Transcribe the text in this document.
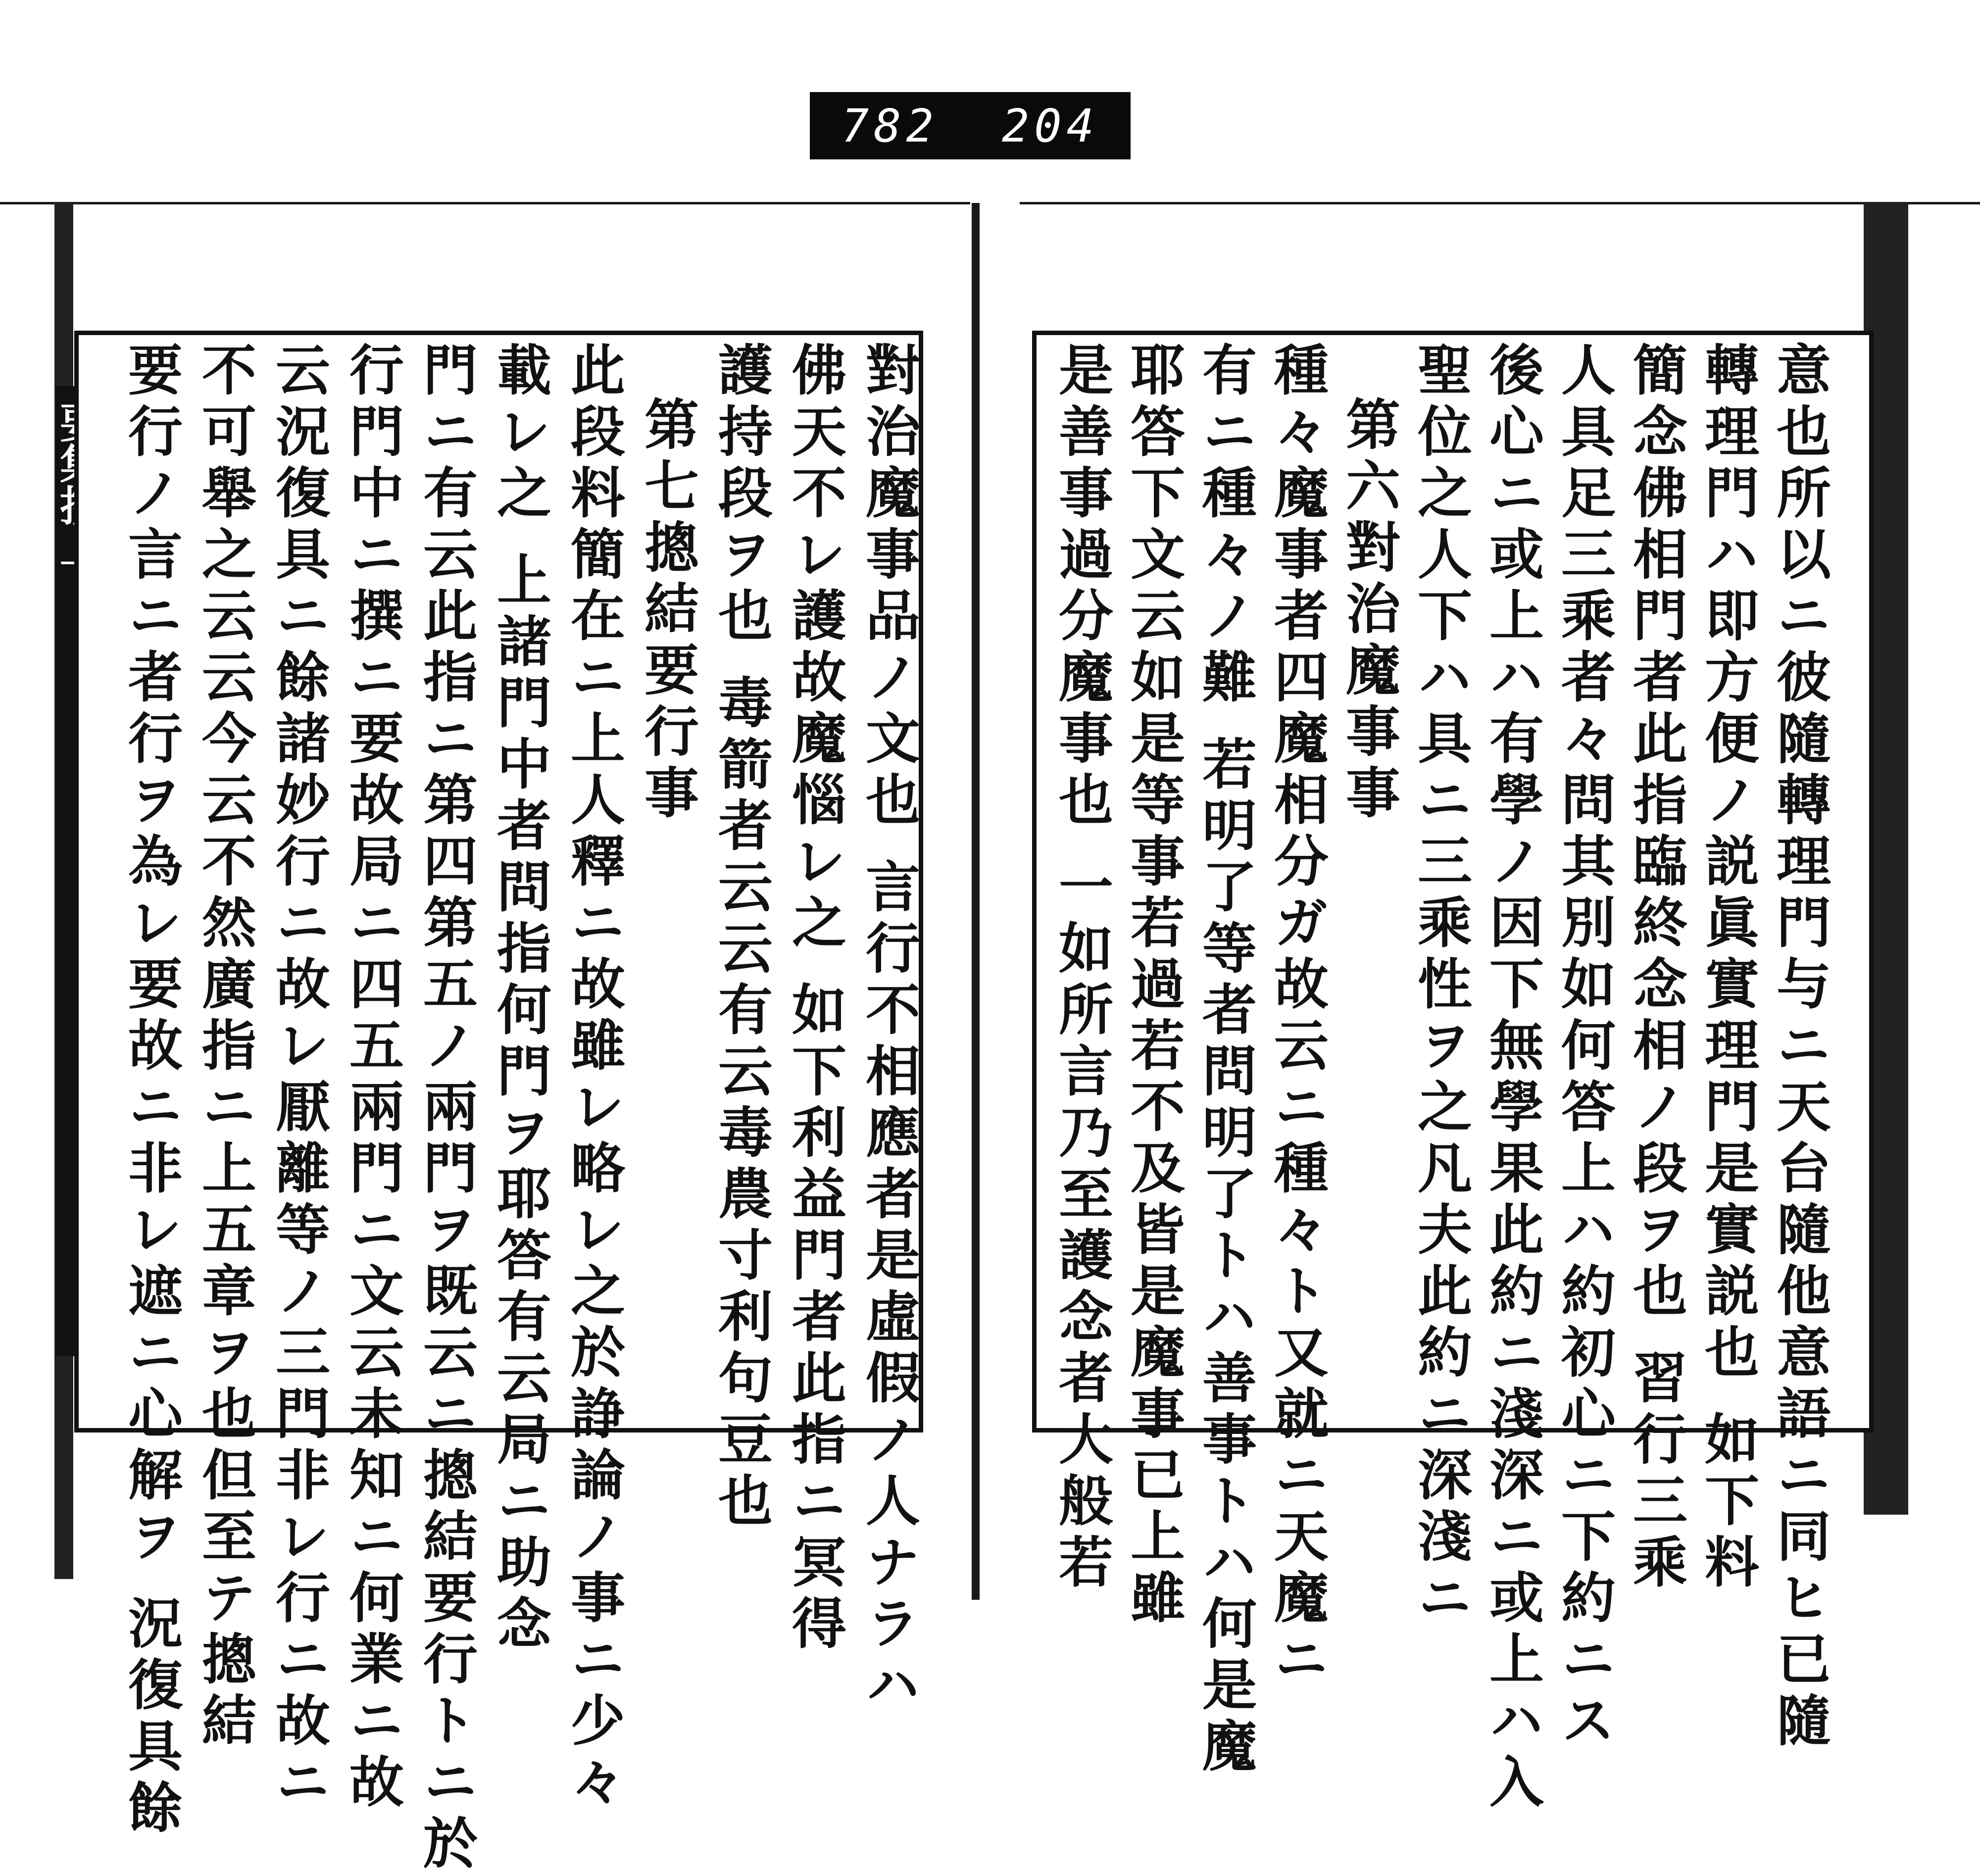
782 204
對治魔事品ノ文也 言行不相應者是虛假ノ人ナラハ
佛天不レ護故魔惱レ之 如下利益門者此指ニ冥得
護持段ヲ也 毒箭者云云有云毒農寸利句豆也
第七摠結要行事
此段料簡在ニ上人釋ニ故雖レ略レ之於諍論ノ事ニ少々
載レ之 上諸門中者問指何門ヲ耶答有云局ニ助念
門ニ有云此指ニ第四第五ノ兩門ヲ既云ニ摠結要行トニ於
行門中ニ撰ニ要故局ニ四五兩門ニ文云未知ニ何業ニ故
云況復具ニ餘諸妙行ニ故レ厭離等ノ三門非レ行ニ故ニ
不可舉之云云今云不然廣指ニ上五章ヲ也但至テ摠結
要行ノ言ニ者行ヲ為レ要故ニ非レ遮ニ心解ヲ 況復具餘	意也所以ニ彼隨轉理門与ニ天台隨他意語ニ同ヒ已隨
轉理門ハ即方便ノ説眞實理門是實説也 如下料
簡念佛相門者此指臨終念相ノ段ヲ也 習行三乘
人具足三乘者々問其別如何答上ハ約初心ニ下約ニス
後心ニ或上ハ有學ノ因下無學果此約ニ淺深ニ或上ハ入
聖位之人下ハ具ニ三乘性ヲ之凡夫此約ニ深淺ニ
第六對治魔事事
種々魔事者四魔相分ガ故云ニ種々ト又就ニ天魔ニ
有ニ種々ノ難 若明了等者問明了トハ善事トハ何是魔
耶答下文云如是等事若過若不及皆是魔事已上雖
是善事過分魔事也 一如所言乃至護念者大般若
